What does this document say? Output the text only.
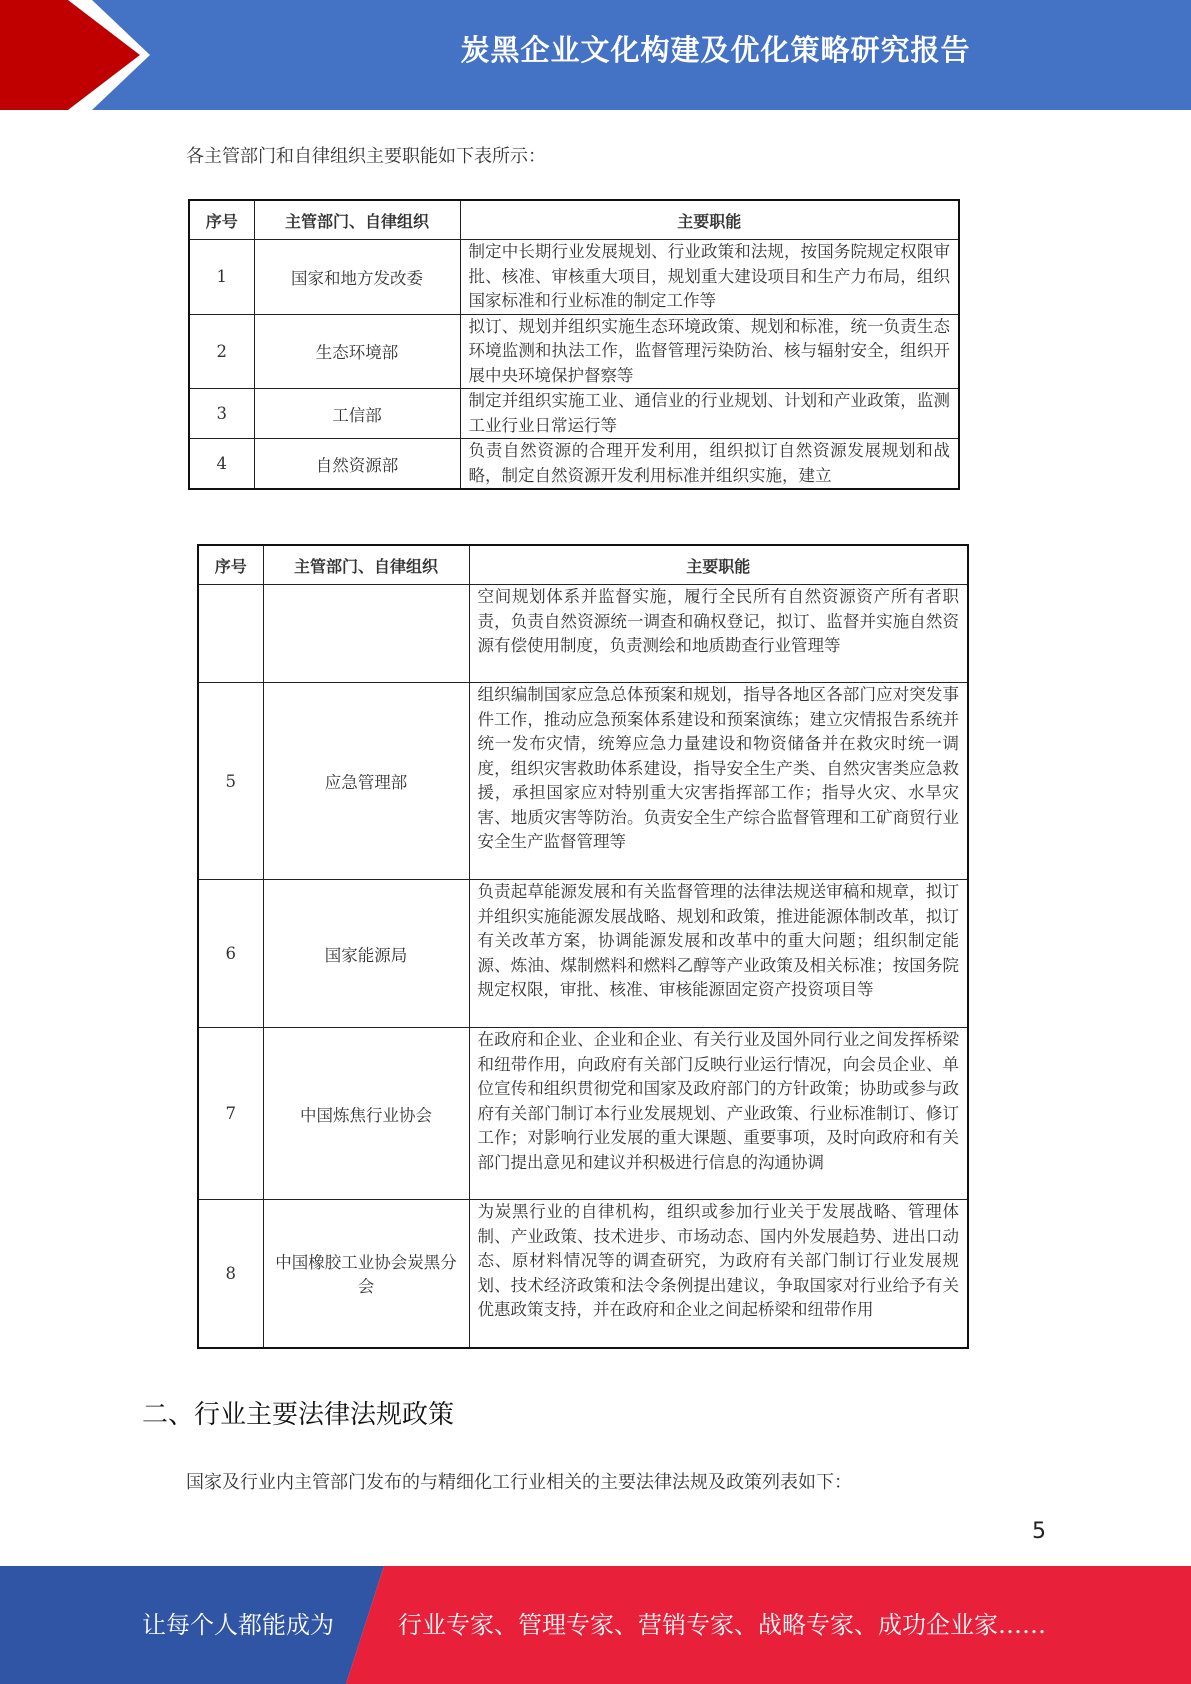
炭黑企业文化构建及优化策略研究报告
各主管部门和自律组织主要职能如下表所示：
序号	主管部门、自律组织	主要职能
1	国家和地方发改委	制定中长期行业发展规划、行业政策和法规，按国务院规定权限审批、核准、审核重大项目，规划重大建设项目和生产力布局，组织国家标准和行业标准的制定工作等
2	生态环境部	拟订、规划并组织实施生态环境政策、规划和标准，统一负责生态环境监测和执法工作，监督管理污染防治、核与辐射安全，组织开展中央环境保护督察等
3	工信部	制定并组织实施工业、通信业的行业规划、计划和产业政策，监测工业行业日常运行等
4	自然资源部	负责自然资源的合理开发利用，组织拟订自然资源发展规划和战略，制定自然资源开发利用标准并组织实施，建立
序号	主管部门、自律组织	主要职能
		空间规划体系并监督实施，履行全民所有自然资源资产所有者职责，负责自然资源统一调查和确权登记，拟订、监督并实施自然资源有偿使用制度，负责测绘和地质勘查行业管理等
5	应急管理部	组织编制国家应急总体预案和规划，指导各地区各部门应对突发事件工作，推动应急预案体系建设和预案演练；建立灾情报告系统并统一发布灾情，统筹应急力量建设和物资储备并在救灾时统一调度，组织灾害救助体系建设，指导安全生产类、自然灾害类应急救援，承担国家应对特别重大灾害指挥部工作；指导火灾、水旱灾害、地质灾害等防治。负责安全生产综合监督管理和工矿商贸行业安全生产监督管理等
6	国家能源局	负责起草能源发展和有关监督管理的法律法规送审稿和规章，拟订并组织实施能源发展战略、规划和政策，推进能源体制改革，拟订有关改革方案，协调能源发展和改革中的重大问题；组织制定能源、炼油、煤制燃料和燃料乙醇等产业政策及相关标准；按国务院规定权限，审批、核准、审核能源固定资产投资项目等
7	中国炼焦行业协会	在政府和企业、企业和企业、有关行业及国外同行业之间发挥桥梁和纽带作用，向政府有关部门反映行业运行情况，向会员企业、单位宣传和组织贯彻党和国家及政府部门的方针政策；协助或参与政府有关部门制订本行业发展规划、产业政策、行业标准制订、修订工作；对影响行业发展的重大课题、重要事项，及时向政府和有关部门提出意见和建议并积极进行信息的沟通协调
8	中国橡胶工业协会炭黑分会	为炭黑行业的自律机构，组织或参加行业关于发展战略、管理体制、产业政策、技术进步、市场动态、国内外发展趋势、进出口动态、原材料情况等的调查研究，为政府有关部门制订行业发展规划、技术经济政策和法令条例提出建议，争取国家对行业给予有关优惠政策支持，并在政府和企业之间起桥梁和纽带作用
二、行业主要法律法规政策
国家及行业内主管部门发布的与精细化工行业相关的主要法律法规及政策列表如下：
5
让每个人都能成为	行业专家、管理专家、营销专家、战略专家、成功企业家……
